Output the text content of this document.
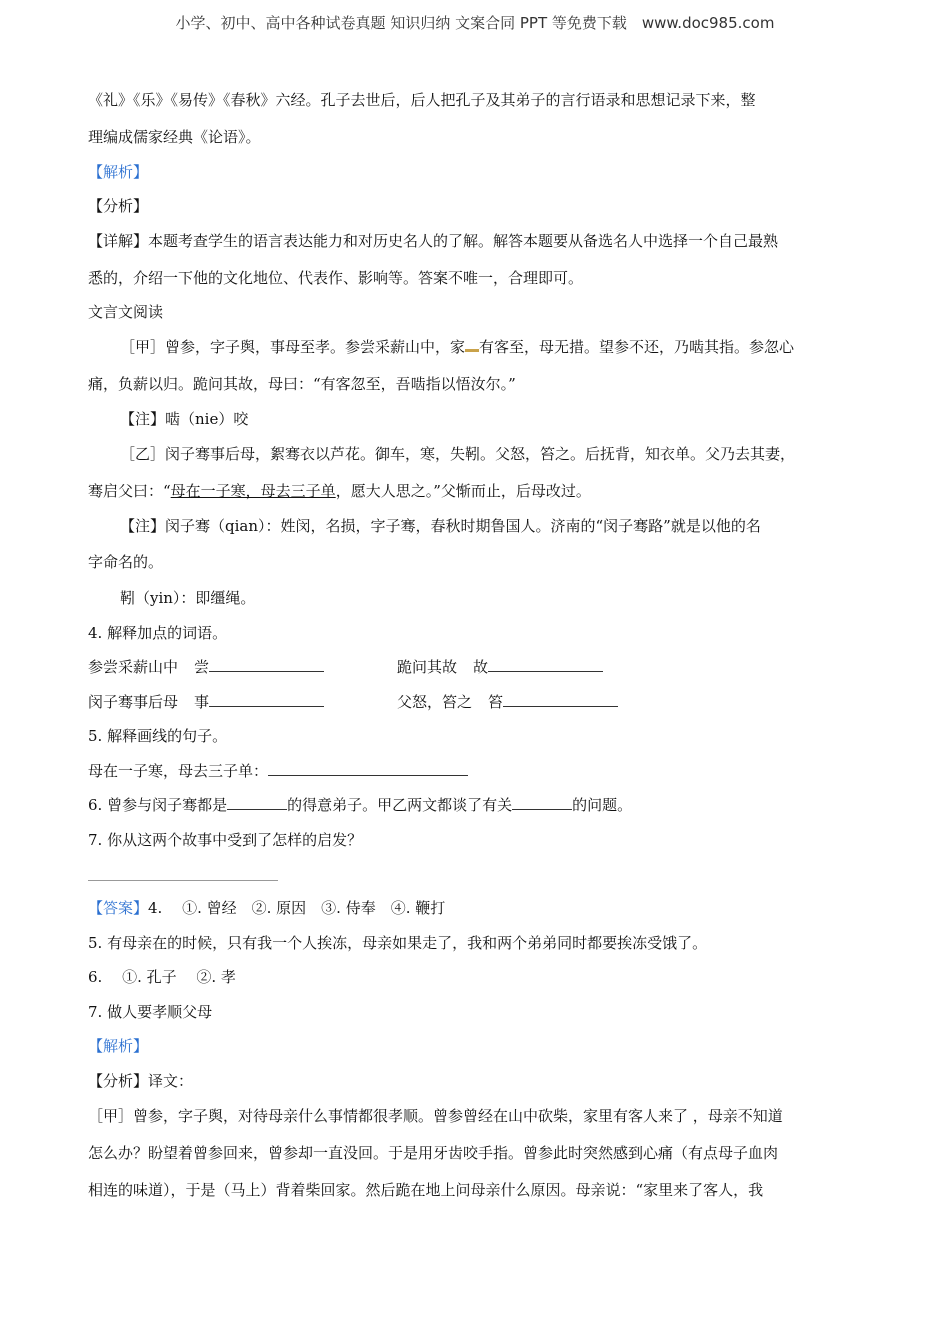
小学、初中、高中各种试卷真题 知识归纳 文案合同 PPT 等免费下载　www.doc985.com
《礼》《乐》《易传》《春秋》六经。孔子去世后，后人把孔子及其弟子的言行语录和思想记录下来，整
理编成儒家经典《论语》。
【解析】
【分析】
【详解】本题考查学生的语言表达能力和对历史名人的了解。解答本题要从备选名人中选择一个自己最熟
悉的，介绍一下他的文化地位、代表作、影响等。答案不唯一，合理即可。
文言文阅读
［甲］曾参，字子舆，事母至孝。参尝采薪山中，家 有客至，母无措。望参不还，乃啮其指。参忽心
痛，负薪以归。跪问其故，母曰：“有客忽至，吾啮指以悟汝尔。”
【注】啮（nie）咬
［乙］闵子骞事后母，絮骞衣以芦花。御车，寒，失靷。父怒，笞之。后抚背，知衣单。父乃去其妻，
骞启父曰：“母在一子寒，母去三子单，愿大人思之。”父惭而止，后母改过。
【注】闵子骞（qian）：姓闵，名损，字子骞，春秋时期鲁国人。济南的“闵子骞路”就是以他的名
字命名的。
靷（yin）：即缰绳。
4. 解释加点的词语。
参尝采薪山中 尝	跪问其故 故
闵子骞事后母 事	父怒，笞之 笞
5. 解释画线的句子。
母在一子寒，母去三子单：
6. 曾参与闵子骞都是	的得意弟子。甲乙两文都谈了有关	的问题。
7. 你从这两个故事中受到了怎样的启发？
【答案】4.　 ①. 曾经　②. 原因　③. 侍奉　④. 鞭打
5. 有母亲在的时候，只有我一个人挨冻，母亲如果走了，我和两个弟弟同时都要挨冻受饿了。
6.　 ①. 孔子　 ②. 孝
7. 做人要孝顺父母
【解析】
【分析】译文：
［甲］曾参，字子舆，对待母亲什么事情都很孝顺。曾参曾经在山中砍柴，家里有客人来了 ，母亲不知道
怎么办？盼望着曾参回来，曾参却一直没回。于是用牙齿咬手指。曾参此时突然感到心痛（有点母子血肉
相连的味道），于是（马上）背着柴回家。然后跪在地上问母亲什么原因。母亲说：“家里来了客人，我
